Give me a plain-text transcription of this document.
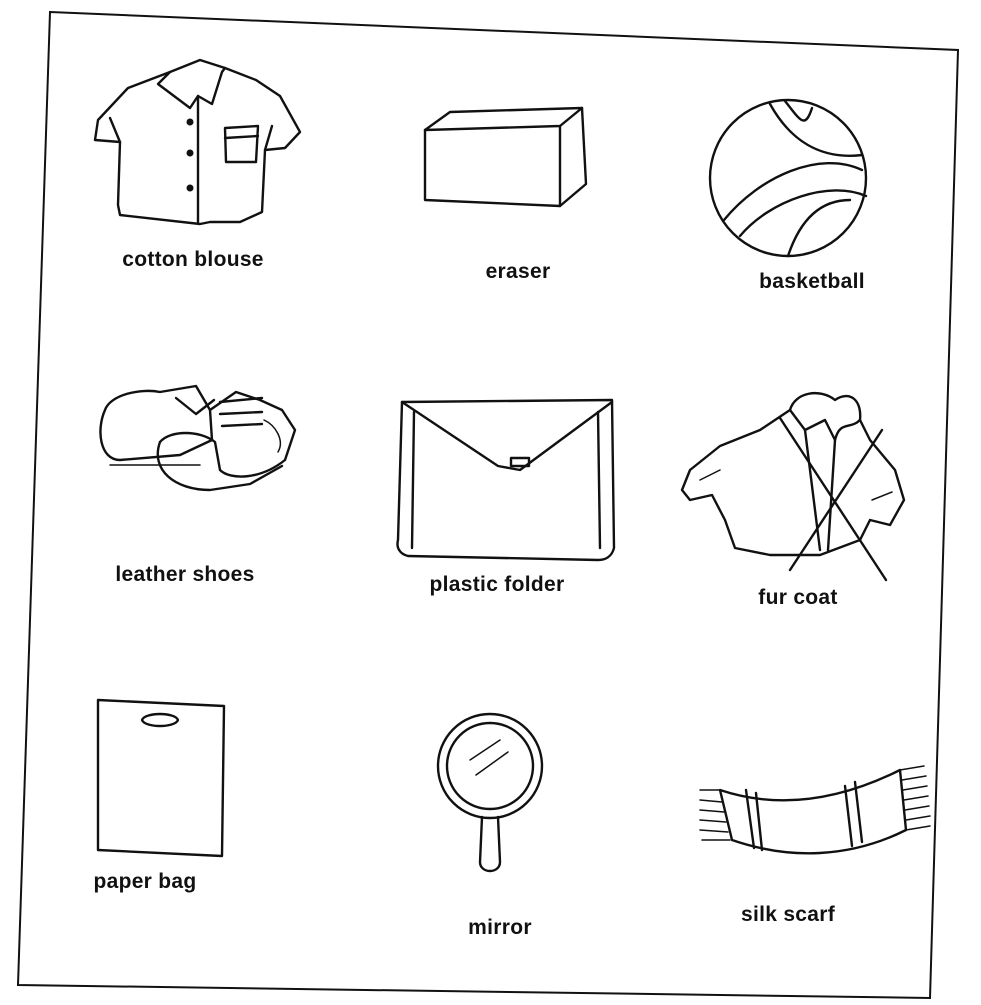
cotton blouse
eraser	basketball
leather shoes	plastic folder
fur coat
paper bag
mirror
silk scarf
